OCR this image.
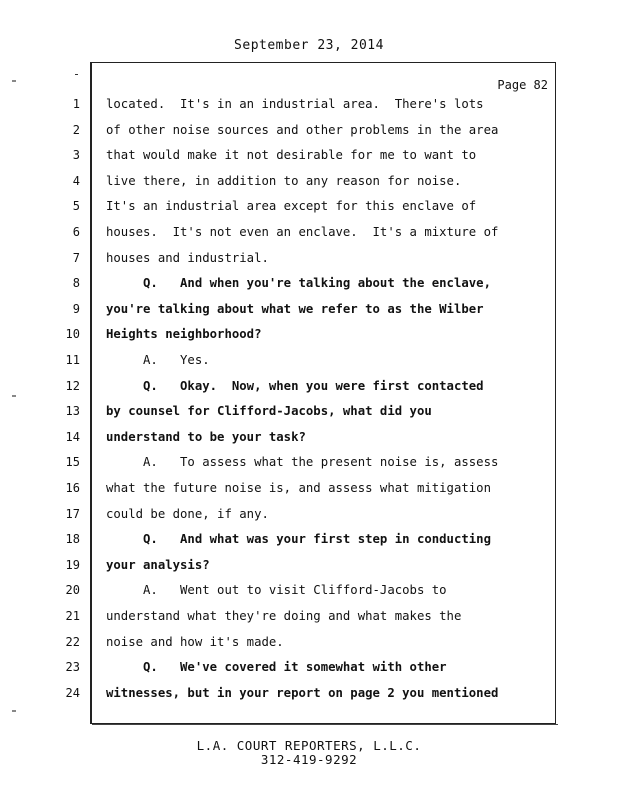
September 23, 2014
Page 82
1 located.  It's in an industrial area.  There's lots
2 of other noise sources and other problems in the area
3 that would make it not desirable for me to want to
4 live there, in addition to any reason for noise.
5 It's an industrial area except for this enclave of
6 houses.  It's not even an enclave.  It's a mixture of
7 houses and industrial.
8 Q.   And when you're talking about the enclave,
9 you're talking about what we refer to as the Wilber
10 Heights neighborhood?
11 A.   Yes.
12 Q.   Okay.  Now, when you were first contacted
13 by counsel for Clifford-Jacobs, what did you
14 understand to be your task?
15 A.   To assess what the present noise is, assess
16 what the future noise is, and assess what mitigation
17 could be done, if any.
18 Q.   And what was your first step in conducting
19 your analysis?
20 A.   Went out to visit Clifford-Jacobs to
21 understand what they're doing and what makes the
22 noise and how it's made.
23 Q.   We've covered it somewhat with other
24 witnesses, but in your report on page 2 you mentioned
L.A. COURT REPORTERS, L.L.C.
312-419-9292
